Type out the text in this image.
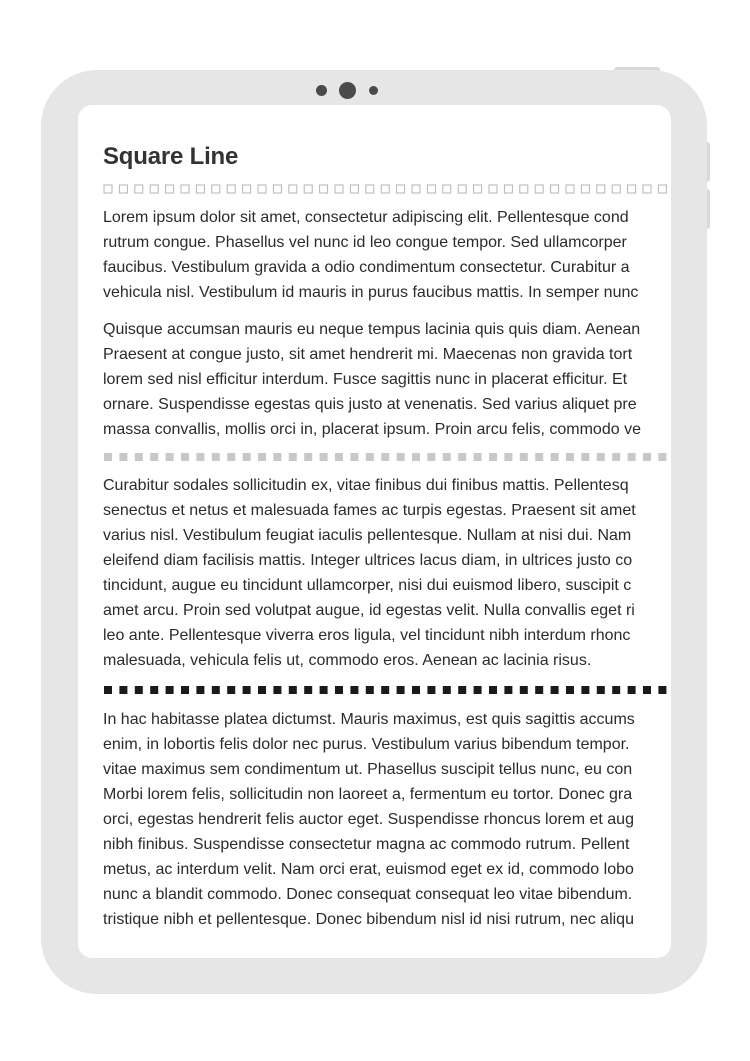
Square Line

Lorem ipsum dolor sit amet, consectetur adipiscing elit. Pellentesque cond

rutrum congue. Phasellus vel nunc id leo congue tempor. Sed ullamcorper

faucibus. Vestibulum gravida a odio condimentum consectetur. Curabitur a

vehicula nisl. Vestibulum id mauris in purus faucibus mattis. In semper nunc

Quisque accumsan mauris eu neque tempus lacinia quis quis diam. Aenean

Praesent at congue justo, sit amet hendrerit mi. Maecenas non gravida tort

lorem sed nisl efficitur interdum. Fusce sagittis nunc in placerat efficitur. Et

ornare. Suspendisse egestas quis justo at venenatis. Sed varius aliquet pre

massa convallis, mollis orci in, placerat ipsum. Proin arcu felis, commodo ve

Curabitur sodales sollicitudin ex, vitae finibus dui finibus mattis. Pellentesq

senectus et netus et malesuada fames ac turpis egestas. Praesent sit amet

varius nisl. Vestibulum feugiat iaculis pellentesque. Nullam at nisi dui. Nam

eleifend diam facilisis mattis. Integer ultrices lacus diam, in ultrices justo co

tincidunt, augue eu tincidunt ullamcorper, nisi dui euismod libero, suscipit c

amet arcu. Proin sed volutpat augue, id egestas velit. Nulla convallis eget ri

leo ante. Pellentesque viverra eros ligula, vel tincidunt nibh interdum rhonc

malesuada, vehicula felis ut, commodo eros. Aenean ac lacinia risus.

In hac habitasse platea dictumst. Mauris maximus, est quis sagittis accums

enim, in lobortis felis dolor nec purus. Vestibulum varius bibendum tempor.

vitae maximus sem condimentum ut. Phasellus suscipit tellus nunc, eu con

Morbi lorem felis, sollicitudin non laoreet a, fermentum eu tortor. Donec gra

orci, egestas hendrerit felis auctor eget. Suspendisse rhoncus lorem et aug

nibh finibus. Suspendisse consectetur magna ac commodo rutrum. Pellent

metus, ac interdum velit. Nam orci erat, euismod eget ex id, commodo lobo

nunc a blandit commodo. Donec consequat consequat leo vitae bibendum.

tristique nibh et pellentesque. Donec bibendum nisl id nisi rutrum, nec aliqu
